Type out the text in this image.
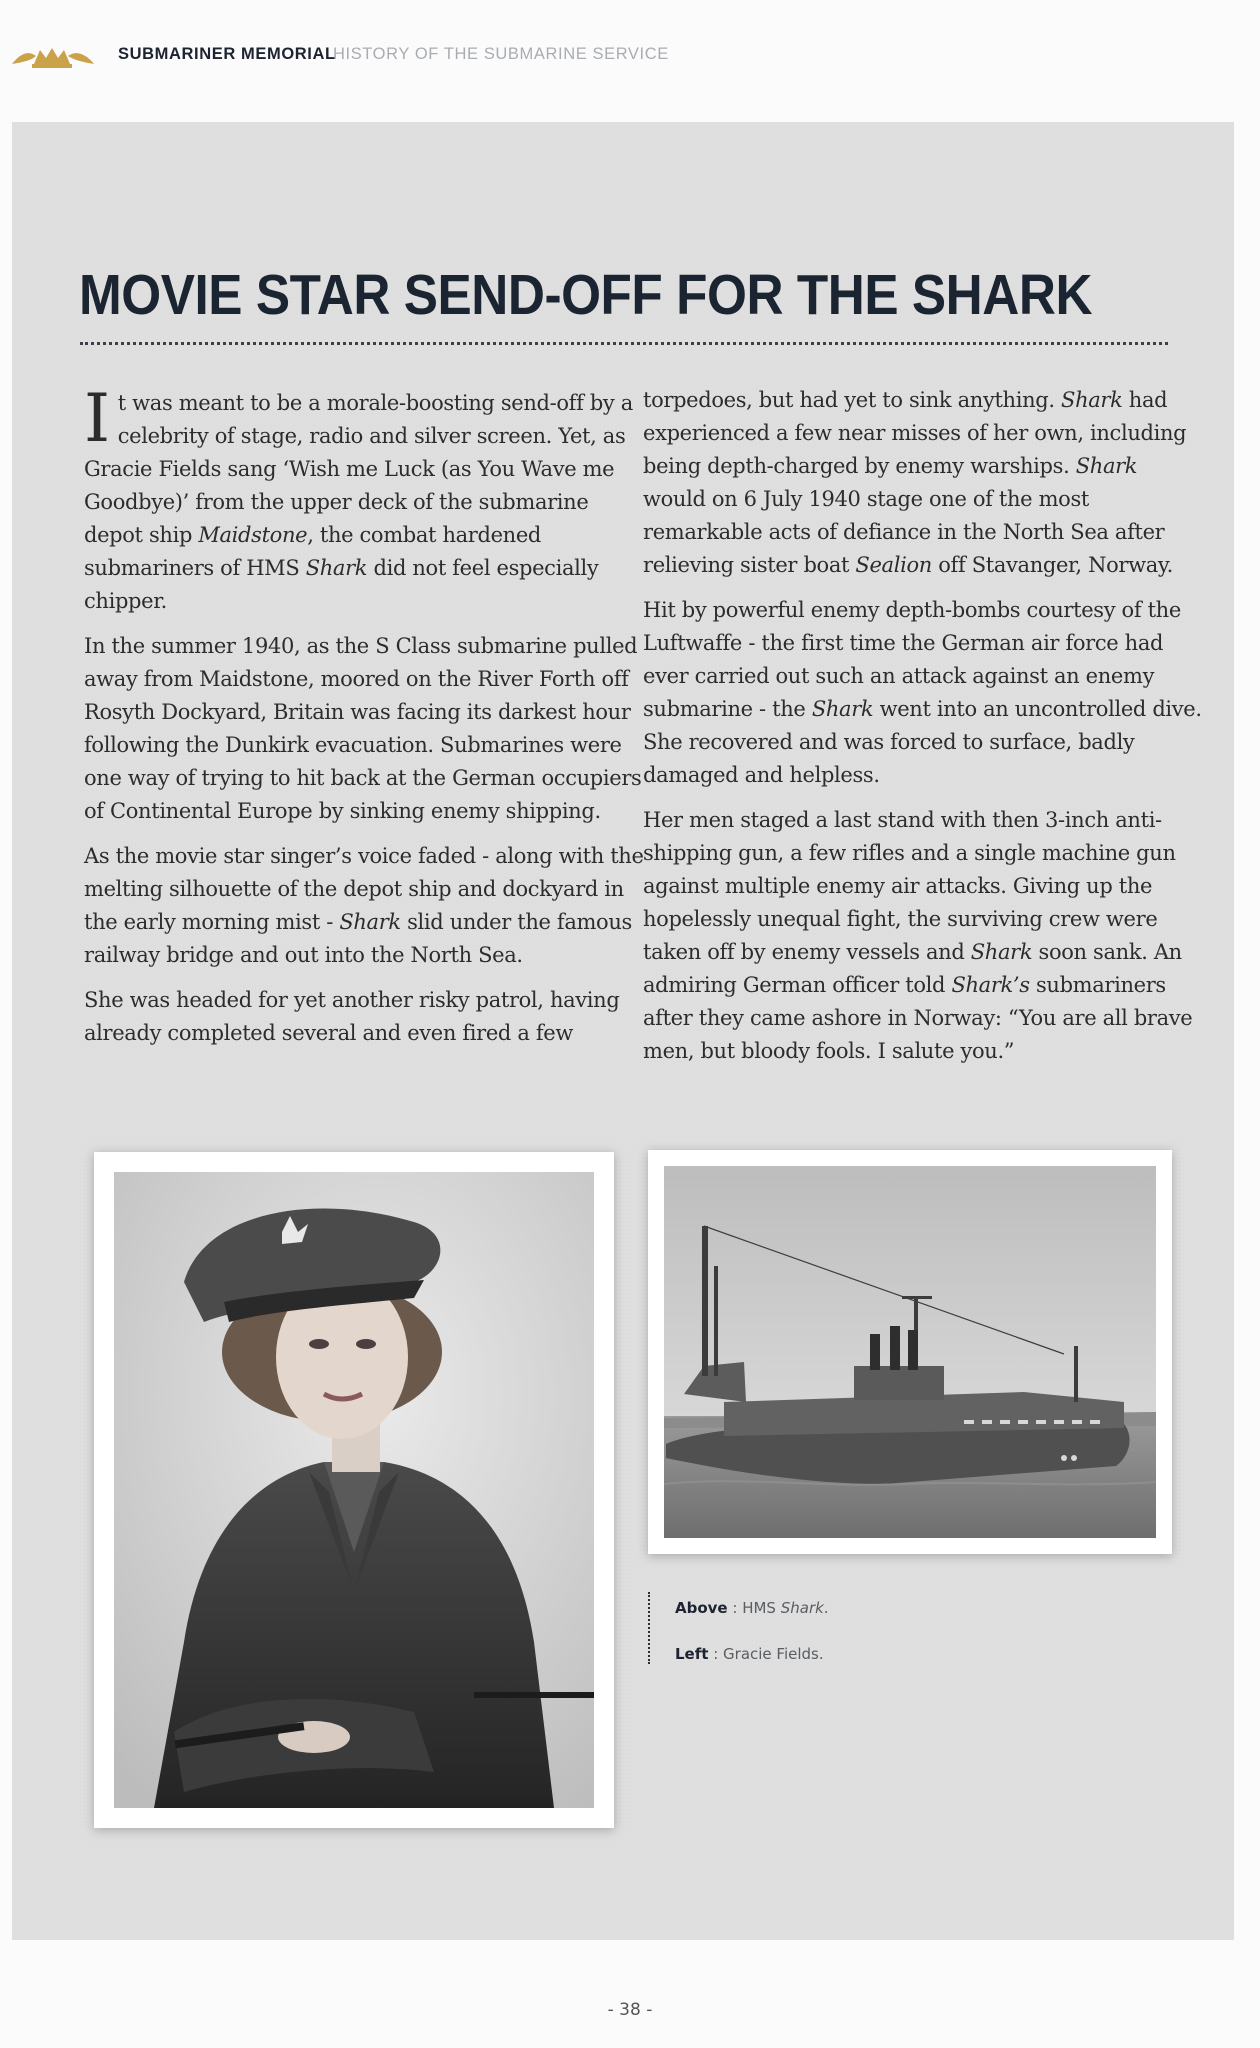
SUBMARINER MEMORIAL
HISTORY OF THE SUBMARINE SERVICE
MOVIE STAR SEND-OFF FOR THE SHARK

It was meant to be a morale-boosting send-off by a celebrity of stage, radio and silver screen. Yet, as Gracie Fields sang ‘Wish me Luck (as You Wave me Goodbye)’ from the upper deck of the submarine depot ship Maidstone, the combat hardened submariners of HMS Shark did not feel especially chipper.

In the summer 1940, as the S Class submarine pulled away from Maidstone, moored on the River Forth off Rosyth Dockyard, Britain was facing its darkest hour following the Dunkirk evacuation. Submarines were one way of trying to hit back at the German occupiers of Continental Europe by sinking enemy shipping.

As the movie star singer’s voice faded - along with the melting silhouette of the depot ship and dockyard in the early morning mist - Shark slid under the famous railway bridge and out into the North Sea.

She was headed for yet another risky patrol, having already completed several and even fired a few

torpedoes, but had yet to sink anything. Shark had experienced a few near misses of her own, including being depth-charged by enemy warships. Shark would on 6 July 1940 stage one of the most remarkable acts of defiance in the North Sea after relieving sister boat Sealion off Stavanger, Norway.

Hit by powerful enemy depth-bombs courtesy of the Luftwaffe - the first time the German air force had ever carried out such an attack against an enemy submarine - the Shark went into an uncontrolled dive. She recovered and was forced to surface, badly damaged and helpless.

Her men staged a last stand with then 3-inch anti-shipping gun, a few rifles and a single machine gun against multiple enemy air attacks. Giving up the hopelessly unequal fight, the surviving crew were taken off by enemy vessels and Shark soon sank. An admiring German officer told Shark’s submariners after they came ashore in Norway: “You are all brave men, but bloody fools. I salute you.”

Above : HMS Shark.
Left : Gracie Fields.
- 38 -
